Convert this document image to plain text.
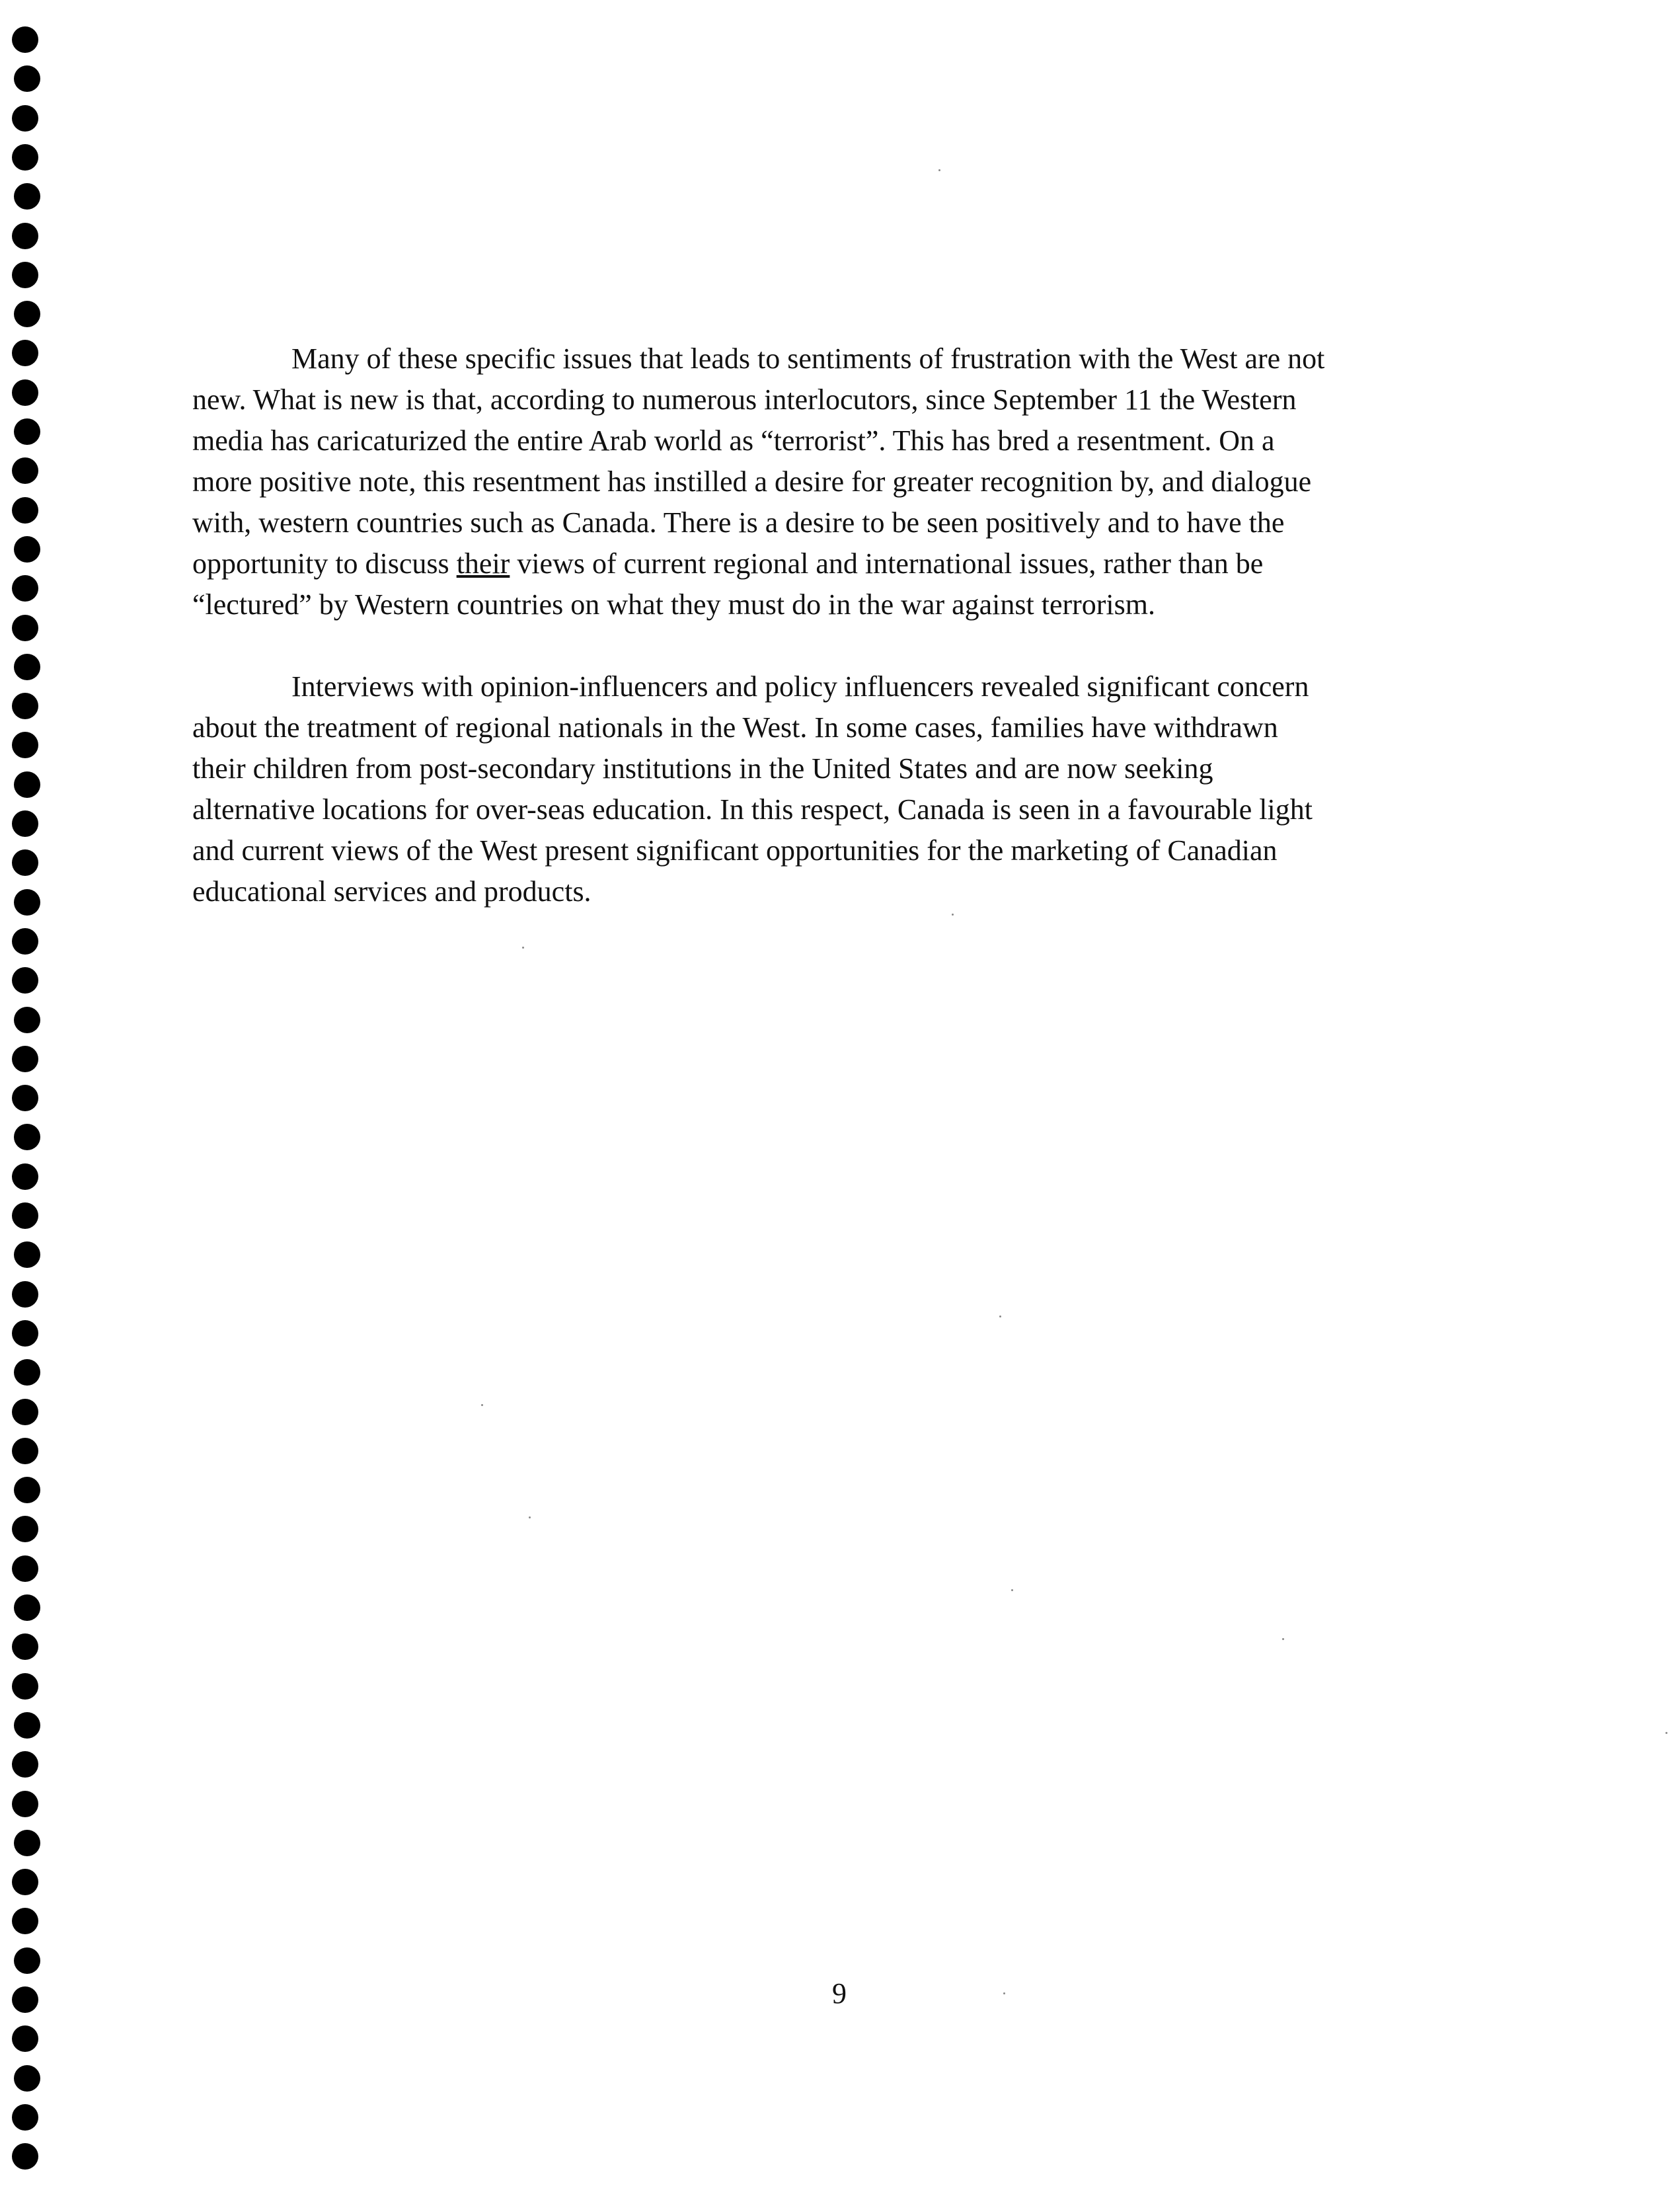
Many of these specific issues that leads to sentiments of frustration with the West are not
new. What is new is that, according to numerous interlocutors, since September 11 the Western
media has caricaturized the entire Arab world as “terrorist”. This has bred a resentment. On a
more positive note, this resentment has instilled a desire for greater recognition by, and dialogue
with, western countries such as Canada. There is a desire to be seen positively and to have the
opportunity to discuss their views of current regional and international issues, rather than be
“lectured” by Western countries on what they must do in the war against terrorism.

Interviews with opinion-influencers and policy influencers revealed significant concern
about the treatment of regional nationals in the West. In some cases, families have withdrawn
their children from post-secondary institutions in the United States and are now seeking
alternative locations for over-seas education. In this respect, Canada is seen in a favourable light
and current views of the West present significant opportunities for the marketing of Canadian
educational services and products.

9
